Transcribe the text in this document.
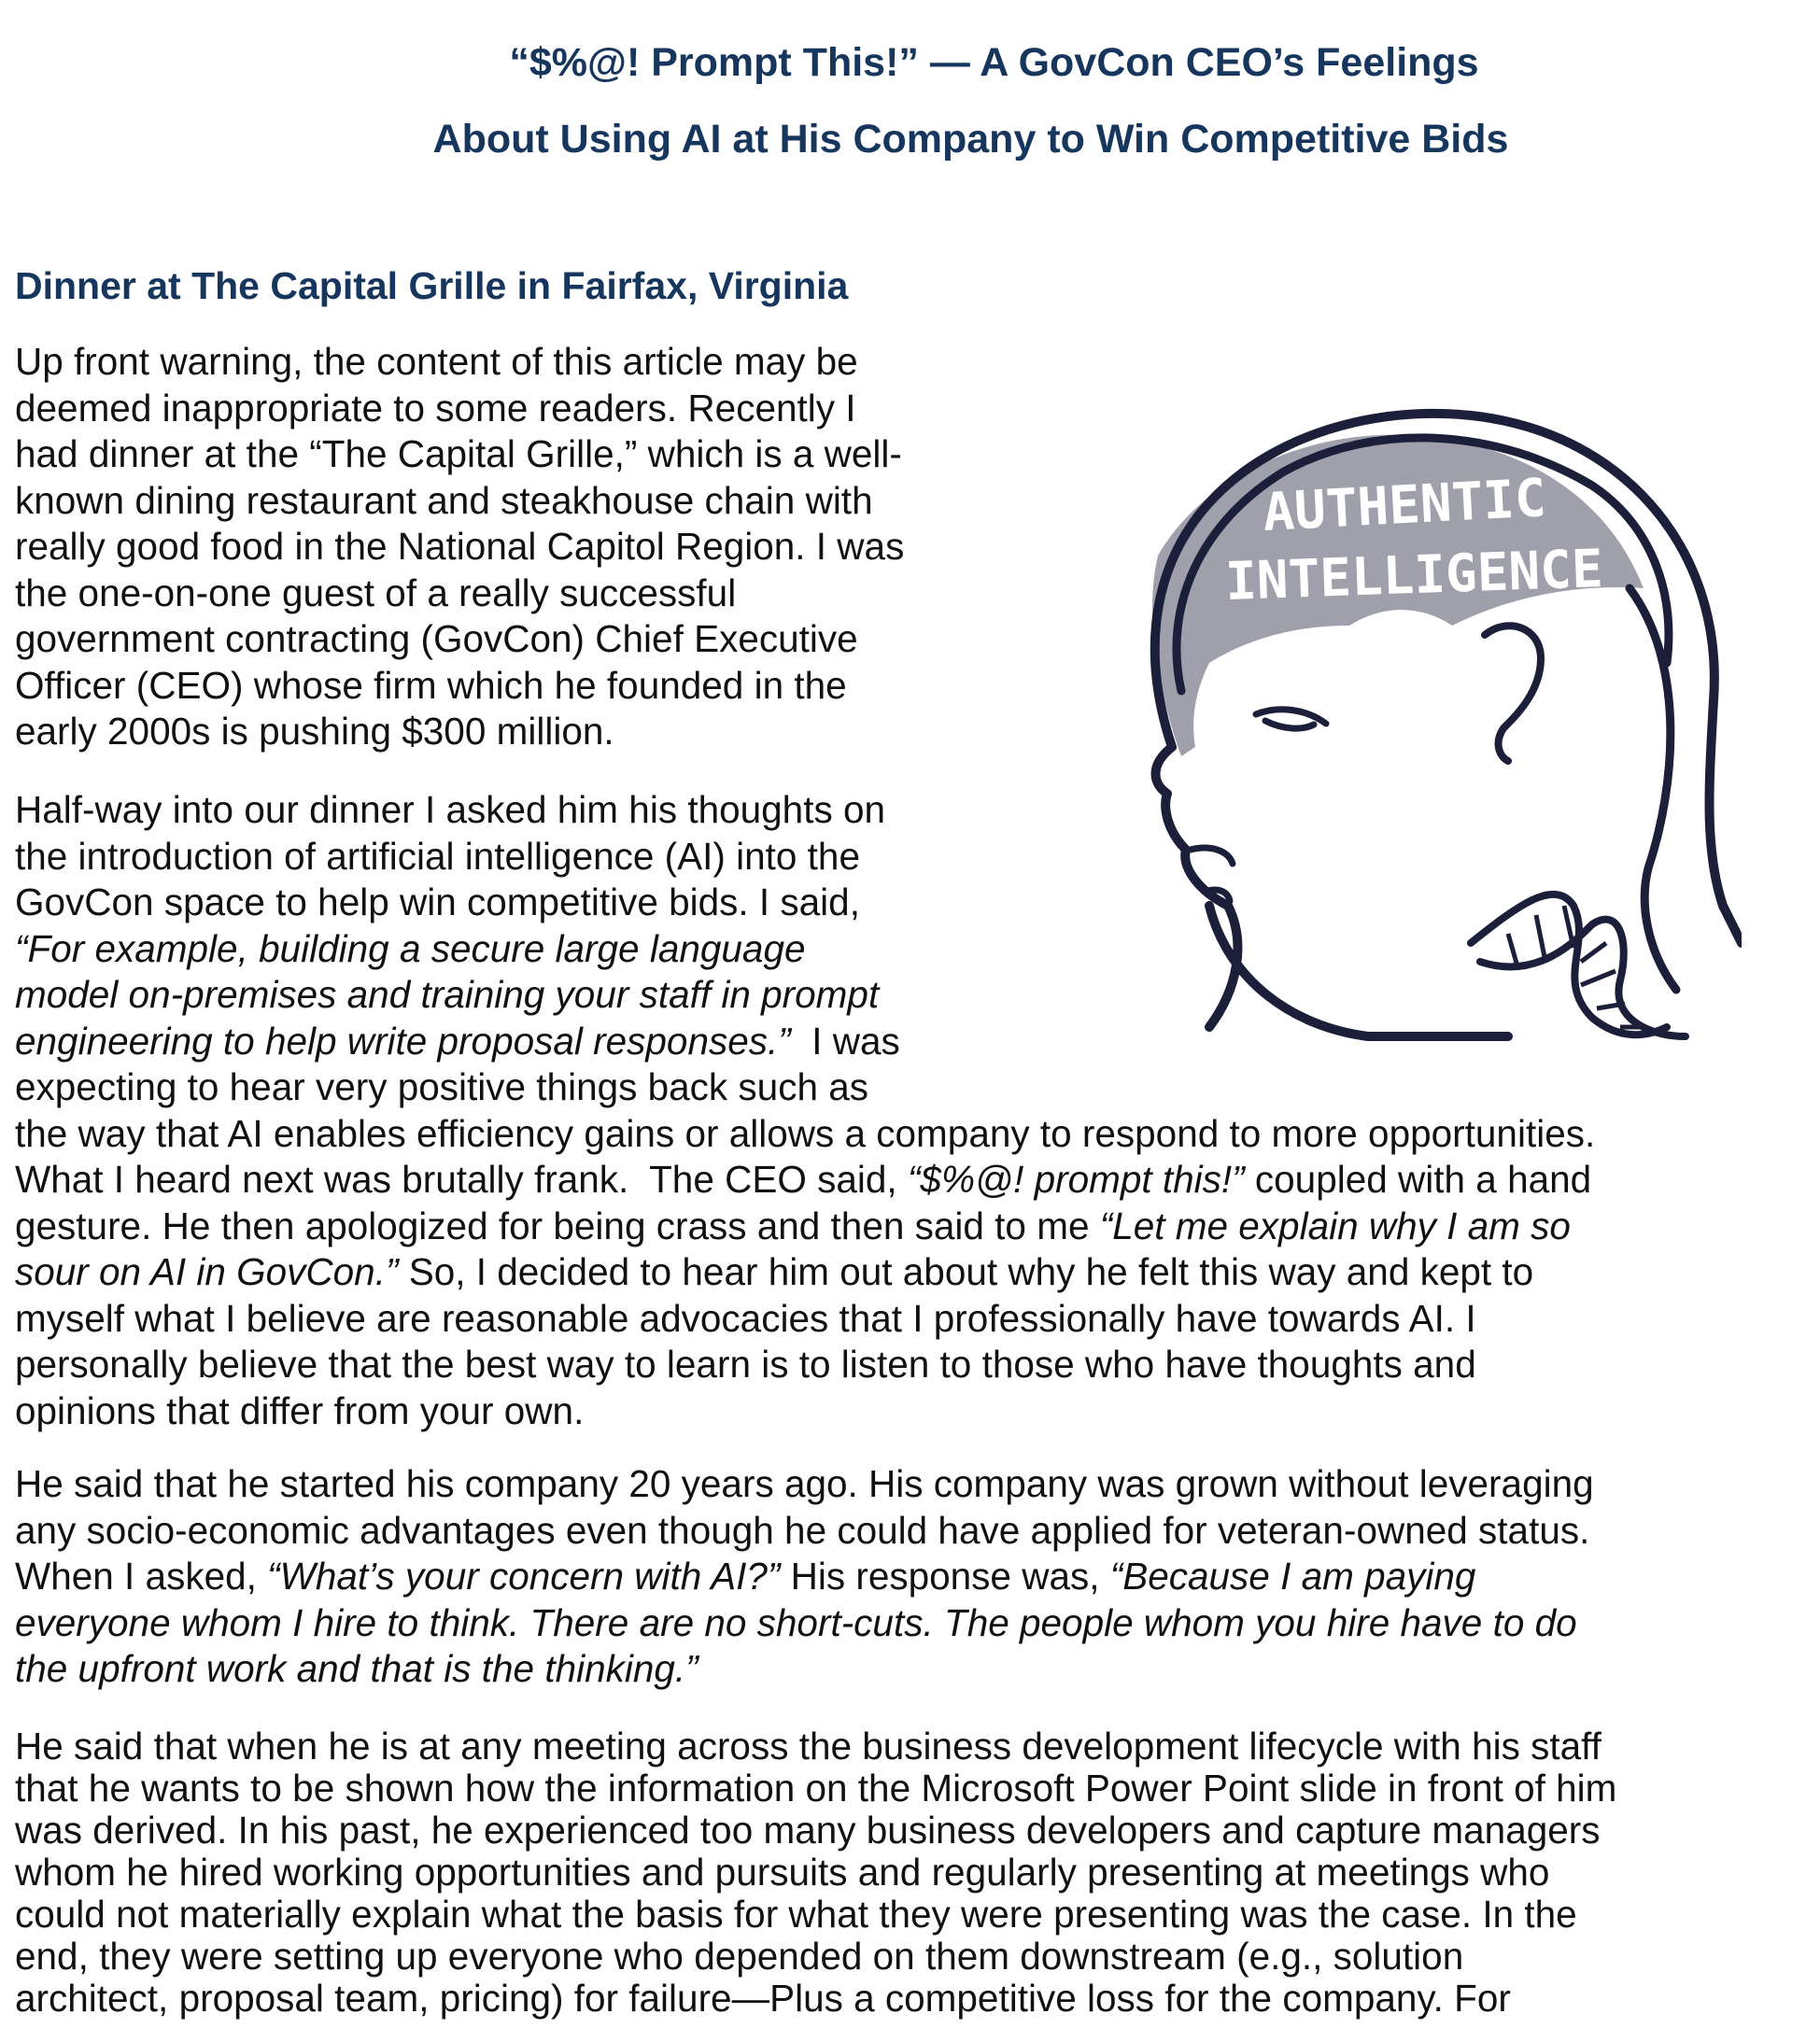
“$%@! Prompt This!” — A GovCon CEO’s Feelings
About Using AI at His Company to Win Competitive Bids
Dinner at The Capital Grille in Fairfax, Virginia
Up front warning, the content of this article may be
deemed inappropriate to some readers. Recently I
had dinner at the “The Capital Grille,” which is a well-
known dining restaurant and steakhouse chain with
really good food in the National Capitol Region. I was
the one-on-one guest of a really successful
government contracting (GovCon) Chief Executive
Officer (CEO) whose firm which he founded in the
early 2000s is pushing $300 million.
Half-way into our dinner I asked him his thoughts on
the introduction of artificial intelligence (AI) into the
GovCon space to help win competitive bids. I said,
“For example, building a secure large language
model on-premises and training your staff in prompt
engineering to help write proposal responses.”  I was
expecting to hear very positive things back such as
the way that AI enables efficiency gains or allows a company to respond to more opportunities.
What I heard next was brutally frank.  The CEO said, “$%@! prompt this!” coupled with a hand
gesture. He then apologized for being crass and then said to me “Let me explain why I am so
sour on AI in GovCon.” So, I decided to hear him out about why he felt this way and kept to
myself what I believe are reasonable advocacies that I professionally have towards AI. I
personally believe that the best way to learn is to listen to those who have thoughts and
opinions that differ from your own.
He said that he started his company 20 years ago. His company was grown without leveraging
any socio-economic advantages even though he could have applied for veteran-owned status.
When I asked, “What’s your concern with AI?” His response was, “Because I am paying
everyone whom I hire to think. There are no short-cuts. The people whom you hire have to do
the upfront work and that is the thinking.”
He said that when he is at any meeting across the business development lifecycle with his staff
that he wants to be shown how the information on the Microsoft Power Point slide in front of him
was derived. In his past, he experienced too many business developers and capture managers
whom he hired working opportunities and pursuits and regularly presenting at meetings who
could not materially explain what the basis for what they were presenting was the case. In the
end, they were setting up everyone who depended on them downstream (e.g., solution
architect, proposal team, pricing) for failure—Plus a competitive loss for the company. For
AUTHENTIC
INTELLIGENCE
